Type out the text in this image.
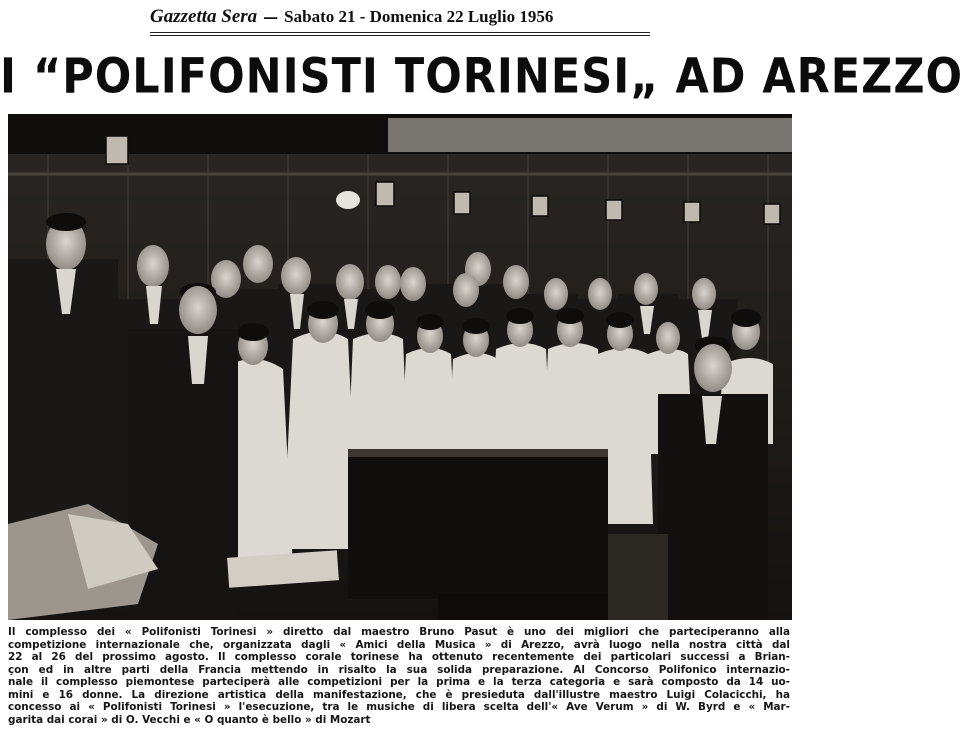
Gazzetta Sera — Sabato 21 - Domenica 22 Luglio 1956
I “POLIFONISTI TORINESI„ AD AREZZO
Il complesso dei « Polifonisti Torinesi » diretto dal maestro Bruno Pasut è uno dei migliori che parteciperanno alla
competizione internazionale che, organizzata dagli « Amici della Musica » di Arezzo, avrà luogo nella nostra città dal
22 al 26 del prossimo agosto. Il complesso corale torinese ha ottenuto recentemente dei particolari successi a Brian-
çon ed in altre parti della Francia mettendo in risalto la sua solida preparazione. Al Concorso Polifonico internazio-
nale il complesso piemontese parteciperà alle competizioni per la prima e la terza categoria e sarà composto da 14 uo-
mini e 16 donne. La direzione artistica della manifestazione, che è presieduta dall'illustre maestro Luigi Colacicchi, ha
concesso ai « Polifonisti Torinesi » l'esecuzione, tra le musiche di libera scelta dell'« Ave Verum » di W. Byrd e « Mar-
garita dai corai » di O. Vecchi e « O quanto è bello » di Mozart
